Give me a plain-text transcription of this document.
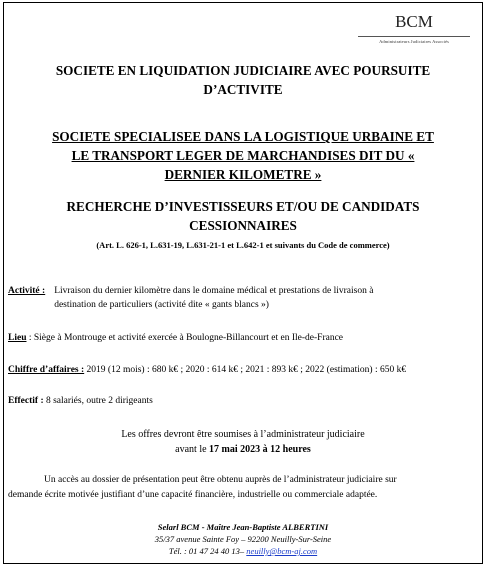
BCM
Administrateurs Judiciaires Associés
SOCIETE EN LIQUIDATION JUDICIAIRE AVEC POURSUITE
D’ACTIVITE
SOCIETE SPECIALISEE DANS LA LOGISTIQUE URBAINE ET
LE TRANSPORT LEGER DE MARCHANDISES DIT DU «
DERNIER KILOMETRE »
RECHERCHE D’INVESTISSEURS ET/OU DE CANDIDATS
CESSIONNAIRES
(Art. L. 626-1, L.631-19, L.631-21-1 et L.642-1 et suivants du Code de commerce)
Activité : Livraison du dernier kilomètre dans le domaine médical et prestations de livraison à
destination de particuliers (activité dite « gants blancs »)
Lieu : Siège à Montrouge et activité exercée à Boulogne-Billancourt et en Ile-de-France
Chiffre d’affaires : 2019 (12 mois) : 680 k€ ; 2020 : 614 k€ ; 2021 : 893 k€ ; 2022 (estimation) : 650 k€
Effectif : 8 salariés, outre 2 dirigeants
Les offres devront être soumises à l’administrateur judiciaire
avant le 17 mai 2023 à 12 heures
Un accès au dossier de présentation peut être obtenu auprès de l’administrateur judiciaire sur
demande écrite motivée justifiant d’une capacité financière, industrielle ou commerciale adaptée.
Selarl BCM - Maître Jean-Baptiste ALBERTINI
35/37 avenue Sainte Foy – 92200 Neuilly-Sur-Seine
Tél. : 01 47 24 40 13– neuilly@bcm-aj.com
